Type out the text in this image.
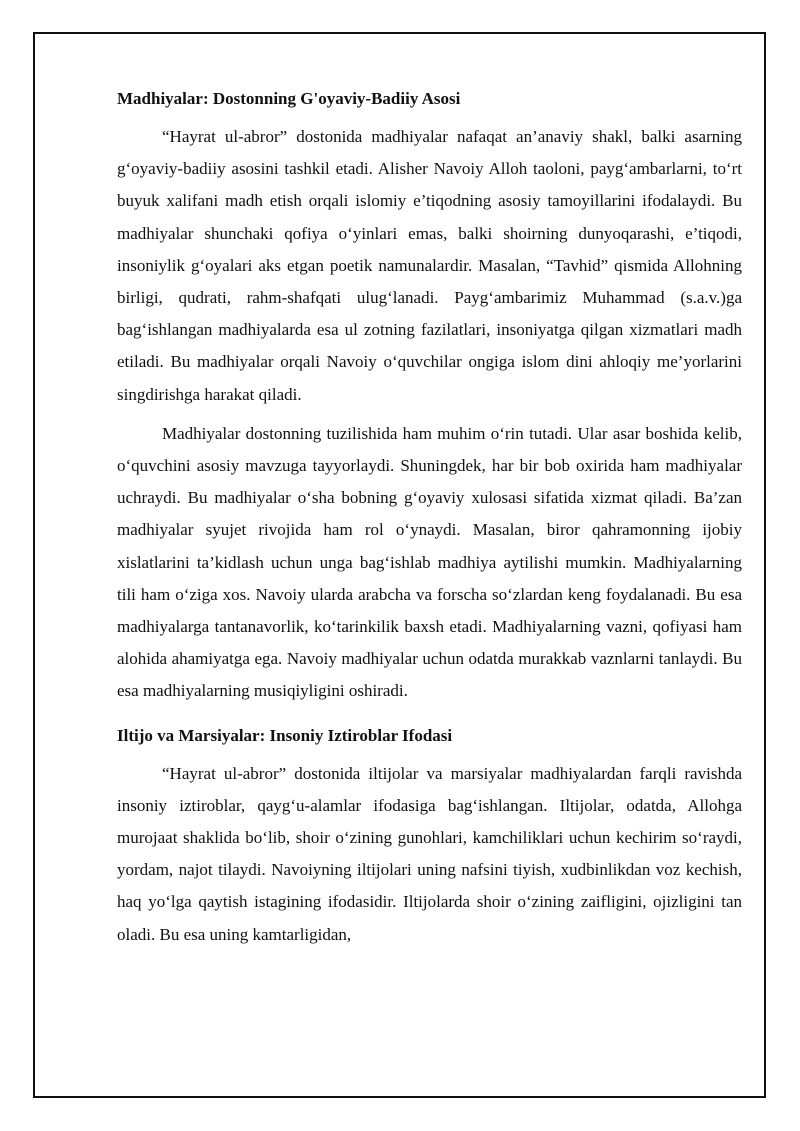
Madhiyalar: Dostonning G'oyaviy-Badiiy Asosi

“Hayrat ul-abror” dostonida madhiyalar nafaqat an’anaviy shakl, balki asarning g‘oyaviy-badiiy asosini tashkil etadi. Alisher Navoiy Alloh taoloni, payg‘ambarlarni, to‘rt buyuk xalifani madh etish orqali islomiy e’tiqodning asosiy tamoyillarini ifodalaydi. Bu madhiyalar shunchaki qofiya o‘yinlari emas, balki shoirning dunyoqarashi, e’tiqodi, insoniylik g‘oyalari aks etgan poetik namunalardir. Masalan, “Tavhid” qismida Allohning birligi, qudrati, rahm-shafqati ulug‘lanadi. Payg‘ambarimiz Muhammad (s.a.v.)ga bag‘ishlangan madhiyalarda esa ul zotning fazilatlari, insoniyatga qilgan xizmatlari madh etiladi. Bu madhiyalar orqali Navoiy o‘quvchilar ongiga islom dini ahloqiy me’yorlarini singdirishga harakat qiladi.

Madhiyalar dostonning tuzilishida ham muhim o‘rin tutadi. Ular asar boshida kelib, o‘quvchini asosiy mavzuga tayyorlaydi. Shuningdek, har bir bob oxirida ham madhiyalar uchraydi. Bu madhiyalar o‘sha bobning g‘oyaviy xulosasi sifatida xizmat qiladi. Ba’zan madhiyalar syujet rivojida ham rol o‘ynaydi. Masalan, biror qahramonning ijobiy xislatlarini ta’kidlash uchun unga bag‘ishlab madhiya aytilishi mumkin. Madhiyalarning tili ham o‘ziga xos. Navoiy ularda arabcha va forscha so‘zlardan keng foydalanadi. Bu esa madhiyalarga tantanavorlik, ko‘tarinkilik baxsh etadi. Madhiyalarning vazni, qofiyasi ham alohida ahamiyatga ega. Navoiy madhiyalar uchun odatda murakkab vaznlarni tanlaydi. Bu esa madhiyalarning musiqiyligini oshiradi.

Iltijo va Marsiyalar: Insoniy Iztiroblar Ifodasi

“Hayrat ul-abror” dostonida iltijolar va marsiyalar madhiyalardan farqli ravishda insoniy iztiroblar, qayg‘u-alamlar ifodasiga bag‘ishlangan. Iltijolar, odatda, Allohga murojaat shaklida bo‘lib, shoir o‘zining gunohlari, kamchiliklari uchun kechirim so‘raydi, yordam, najot tilaydi. Navoiyning iltijolari uning nafsini tiyish, xudbinlikdan voz kechish, haq yo‘lga qaytish istagining ifodasidir. Iltijolarda shoir o‘zining zaifligini, ojizligini tan oladi. Bu esa uning kamtarligidan,
